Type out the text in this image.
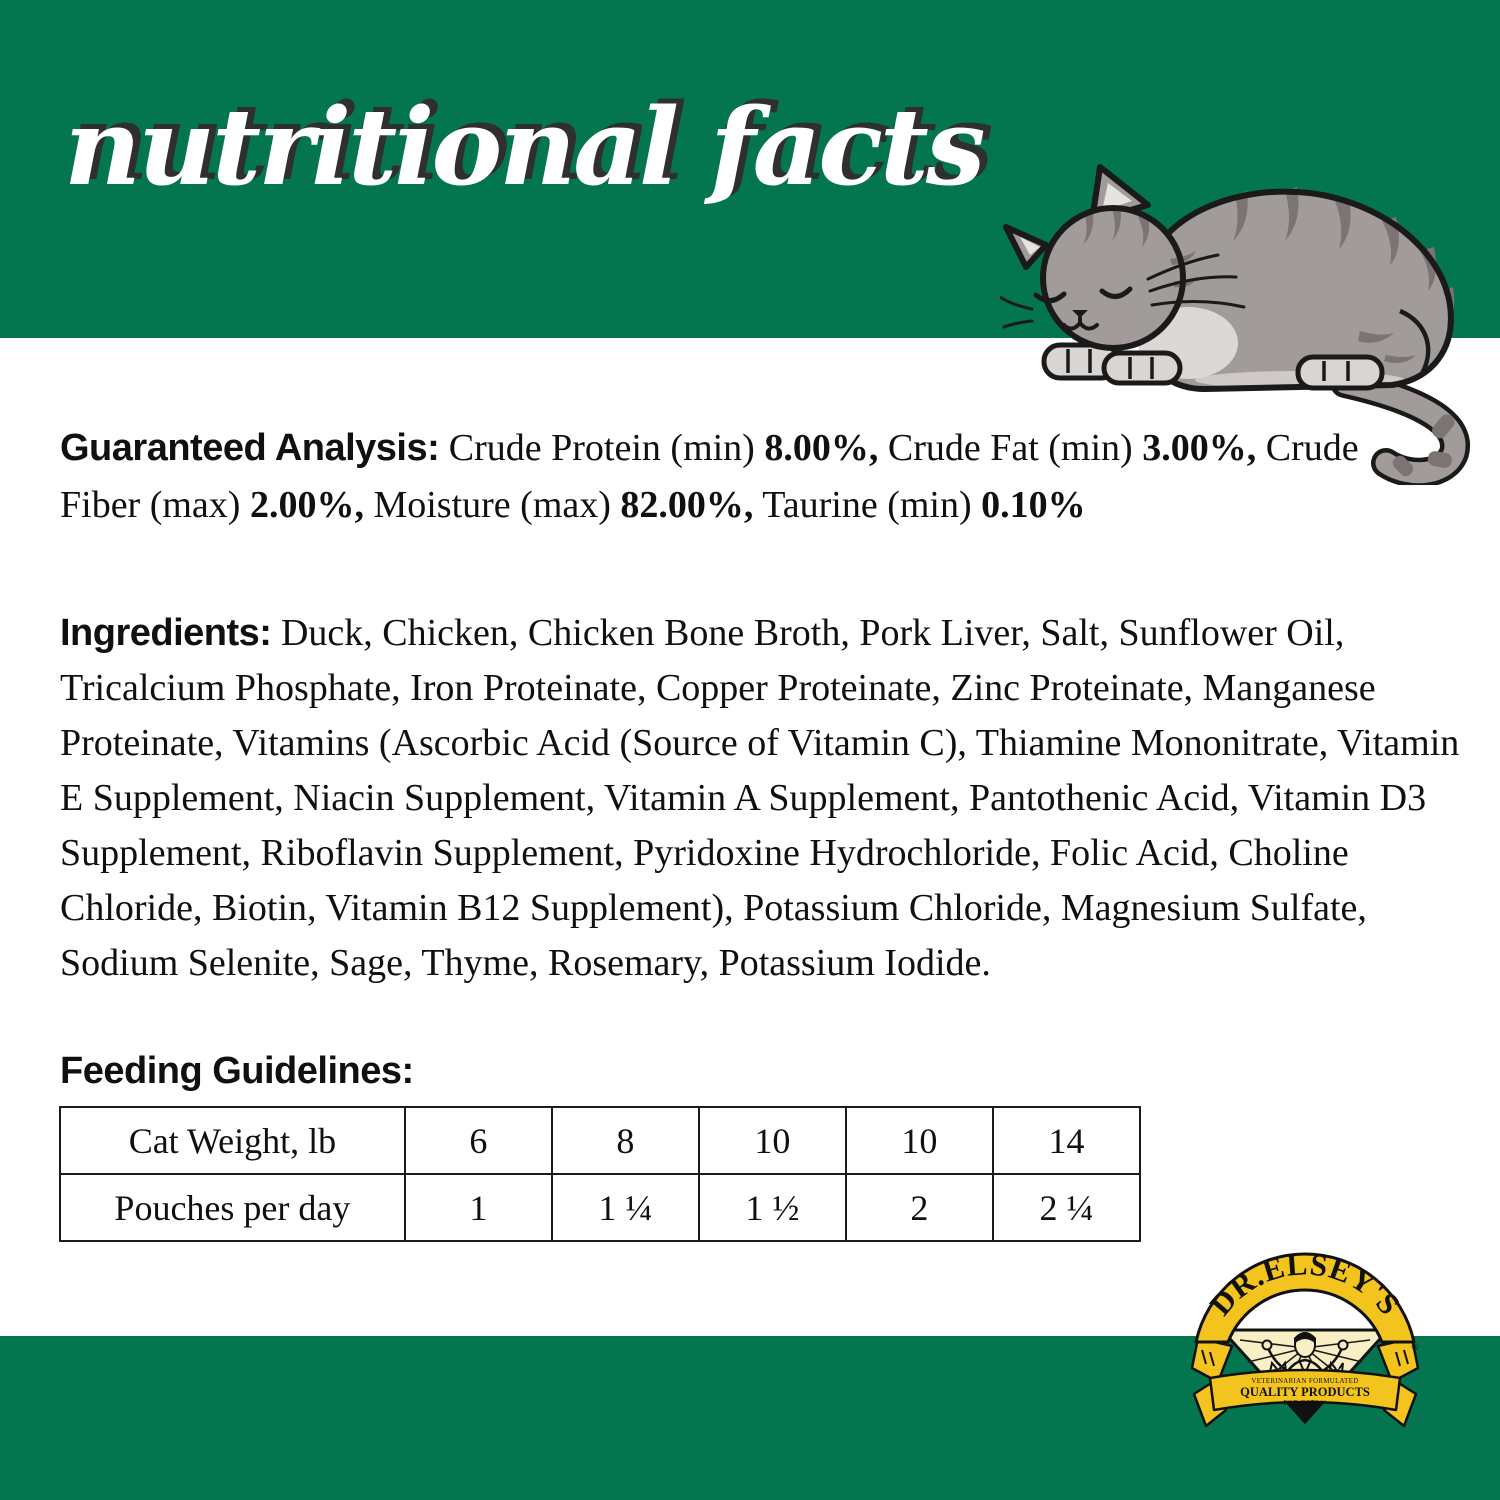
nutritional facts
Guaranteed Analysis: Crude Protein (min) 8.00%, Crude Fat (min) 3.00%, Crude Fiber (max) 2.00%, Moisture (max) 82.00%, Taurine (min) 0.10%
Ingredients: Duck, Chicken, Chicken Bone Broth, Pork Liver, Salt, Sunflower Oil, Tricalcium Phosphate, Iron Proteinate, Copper Proteinate, Zinc Proteinate, Manganese Proteinate, Vitamins (Ascorbic Acid (Source of Vitamin C), Thiamine Mononitrate, Vitamin E Supplement, Niacin Supplement, Vitamin A Supplement, Pantothenic Acid, Vitamin D3 Supplement, Riboflavin Supplement, Pyridoxine Hydrochloride, Folic Acid, Choline Chloride, Biotin, Vitamin B12 Supplement), Potassium Chloride, Magnesium Sulfate, Sodium Selenite, Sage, Thyme, Rosemary, Potassium Iodide.
Feeding Guidelines:
Cat Weight, lb	6	8	10	10	14
Pouches per day	1	1 ¼	1 ½	2	2 ¼
DR.ELSEY'S
®
VETERINARIAN FORMULATED
QUALITY PRODUCTS
FOR CATS™
